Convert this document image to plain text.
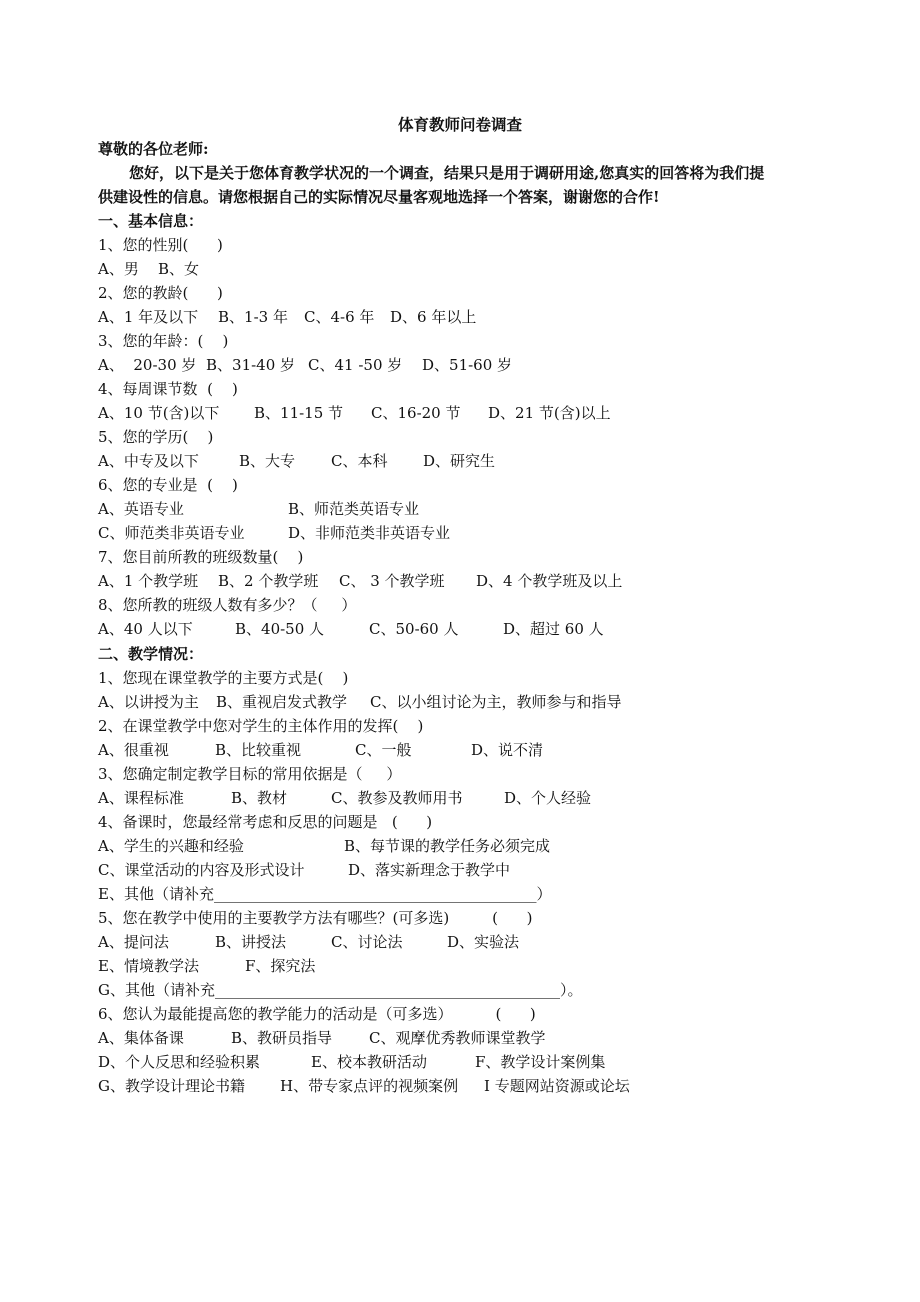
体育教师问卷调查
尊敬的各位老师:
您好，以下是关于您体育教学状况的一个调查，结果只是用于调研用途,您真实的回答将为我们提
供建设性的信息。请您根据自己的实际情况尽量客观地选择一个答案，谢谢您的合作!
一、基本信息：
1、您的性别(      )

A、男

B、女

2、您的教龄(      )

A、1 年及以下

B、1-3 年

C、4-6 年

D、6 年以上

3、您的年龄：(    )

A、  20-30 岁

B、31-40 岁

C、41 -50 岁

D、51-60 岁

4、每周课节数  (    )

A、10 节(含)以下

B、11-15 节

C、16-20 节

D、21 节(含)以上

5、您的学历(    )

A、中专及以下

	B、大专

C、本科

D、研究生

6、您的专业是  (    )

A、英语专业

	B、师范类英语专业

C、师范类非英语专业

	D、非师范类非英语专业

7、您目前所教的班级数量(    )

A、1 个教学班

B、2 个教学班

C、 3 个教学班

D、4 个教学班及以上

8、您所教的班级人数有多少？（     ）

A、40 人以下

	B、40-50 人

	C、50-60 人

	D、超过 60 人

二、教学情况：
1、您现在课堂教学的主要方式是(    )

A、以讲授为主

B、重视启发式教学

C、以小组讨论为主，教师参与和指导

2、在课堂教学中您对学生的主体作用的发挥(    )

A、很重视

	B、比较重视

	C、一般

	D、说不清

3、您确定制定教学目标的常用依据是（     ）

A、课程标准

	B、教材

	C、教参及教师用书

	D、个人经验

4、备课时，您最经常考虑和反思的问题是   (      )

A、学生的兴趣和经验

	B、每节课的教学任务必须完成

C、课堂活动的内容及形式设计

	D、落实新理念于教学中

E、其他（请补充___________________________________________）
5、您在教学中使用的主要教学方法有哪些？(可多选)         (      )

A、提问法

	B、讲授法

	C、讨论法

	D、实验法

E、情境教学法

	F、探究法

G、其他（请补充______________________________________________）。
6、您认为最能提高您的教学能力的活动是（可多选）         (      )

A、集体备课

	B、教研员指导

C、观摩优秀教师课堂教学

D、个人反思和经验积累

	E、校本教研活动

	F、教学设计案例集

G、教学设计理论书籍

H、带专家点评的视频案例

I 专题网站资源或论坛
